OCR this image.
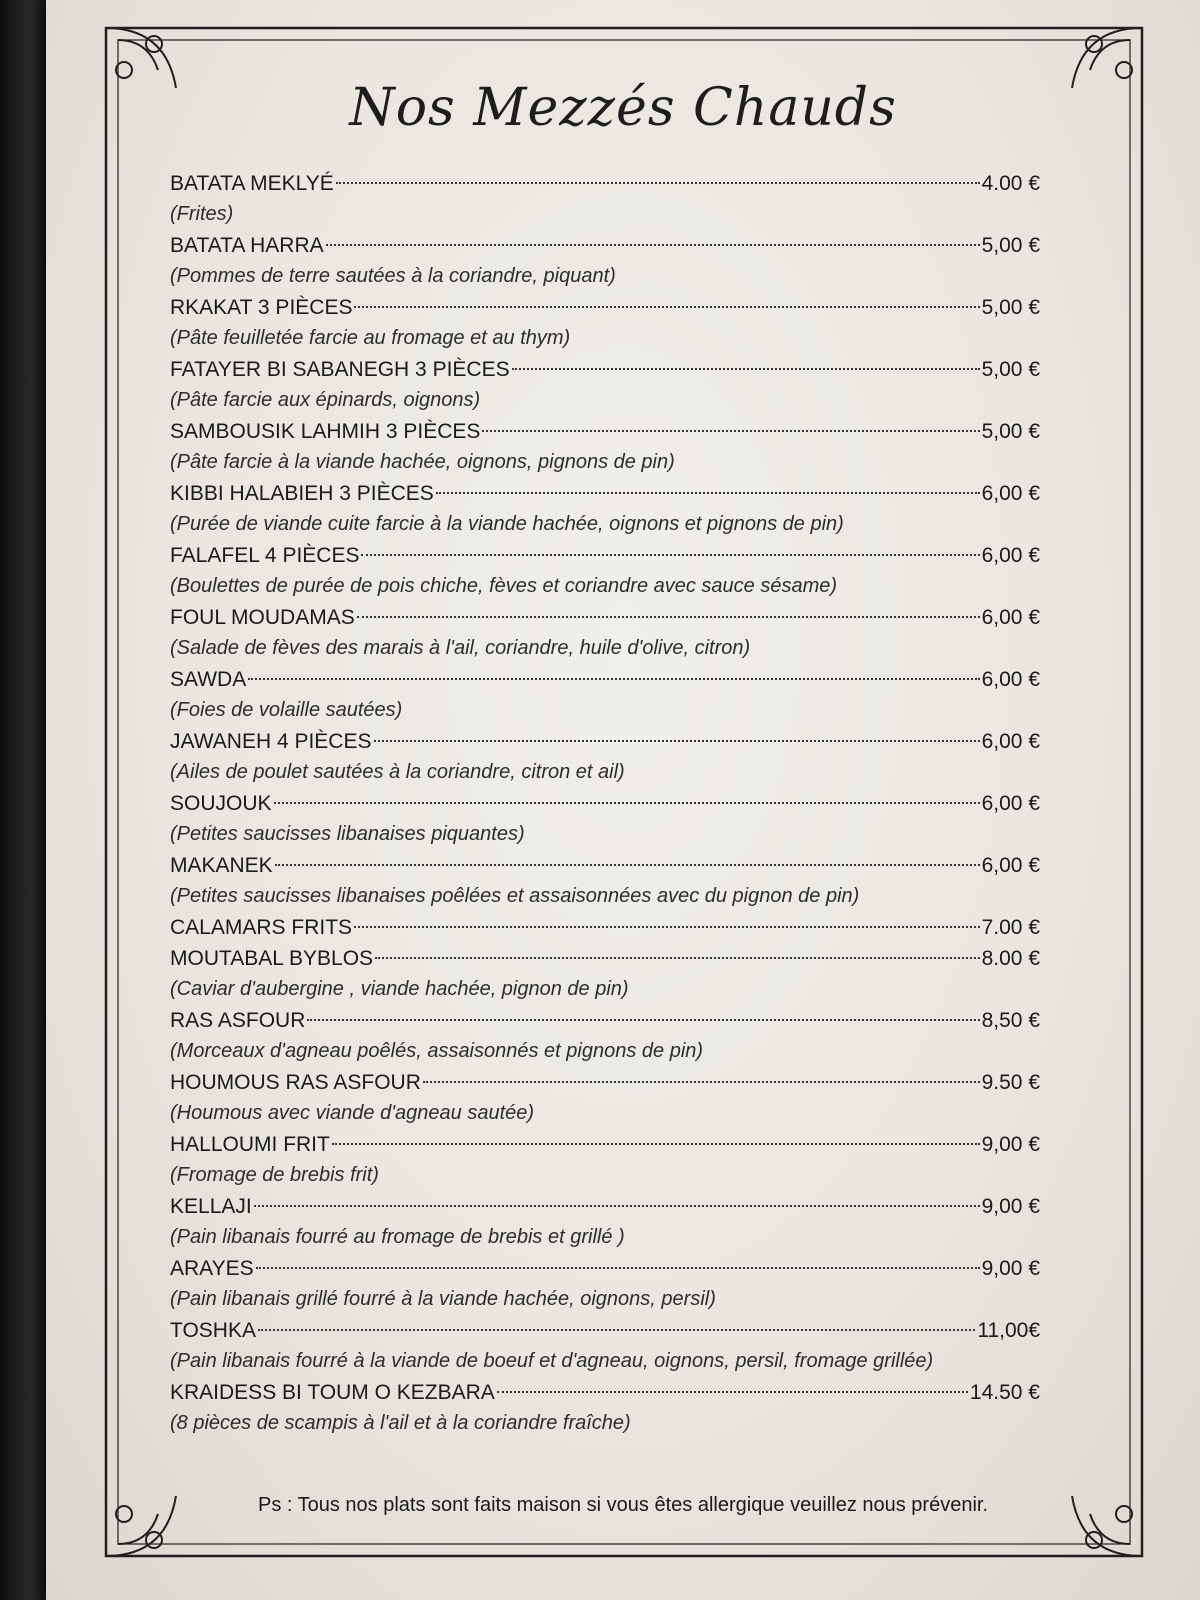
Nos Mezzés Chauds
BATATA MEKLYÉ	4.00 €
(Frites)
BATATA HARRA	5,00 €
(Pommes de terre sautées à la coriandre, piquant)
RKAKAT 3 PIÈCES	5,00 €
(Pâte feuilletée farcie au fromage et au thym)
FATAYER BI SABANEGH 3 PIÈCES	5,00 €
(Pâte farcie aux épinards, oignons)
SAMBOUSIK LAHMIH 3 PIÈCES	5,00 €
(Pâte farcie à la viande hachée, oignons, pignons de pin)
KIBBI HALABIEH 3 PIÈCES	6,00 €
(Purée de viande cuite farcie à la viande hachée, oignons et pignons de pin)
FALAFEL 4 PIÈCES	6,00 €
(Boulettes de purée de pois chiche, fèves et coriandre avec sauce sésame)
FOUL MOUDAMAS	6,00 €
(Salade de fèves des marais à l'ail, coriandre, huile d'olive, citron)
SAWDA	6,00 €
(Foies de volaille sautées)
JAWANEH 4 PIÈCES	6,00 €
(Ailes de poulet sautées à la coriandre, citron et ail)
SOUJOUK	6,00 €
(Petites saucisses libanaises piquantes)
MAKANEK	6,00 €
(Petites saucisses libanaises poêlées et assaisonnées avec du pignon de pin)
CALAMARS FRITS	7.00 €
MOUTABAL BYBLOS	8.00 €
(Caviar d'aubergine , viande hachée, pignon de pin)
RAS ASFOUR	8,50 €
(Morceaux d'agneau poêlés, assaisonnés et pignons de pin)
HOUMOUS RAS ASFOUR	9.50 €
(Houmous avec viande d'agneau sautée)
HALLOUMI FRIT	9,00 €
(Fromage de brebis frit)
KELLAJI	9,00 €
(Pain libanais fourré au fromage de brebis et grillé )
ARAYES	9,00 €
(Pain libanais grillé fourré à la viande hachée, oignons, persil)
TOSHKA	11,00€
(Pain libanais fourré à la viande de boeuf et d'agneau, oignons, persil, fromage grillée)
KRAIDESS BI TOUM O KEZBARA	14.50 €
(8 pièces de scampis à l'ail et à la coriandre fraîche)
Ps : Tous nos plats sont faits maison si vous êtes allergique veuillez nous prévenir.
